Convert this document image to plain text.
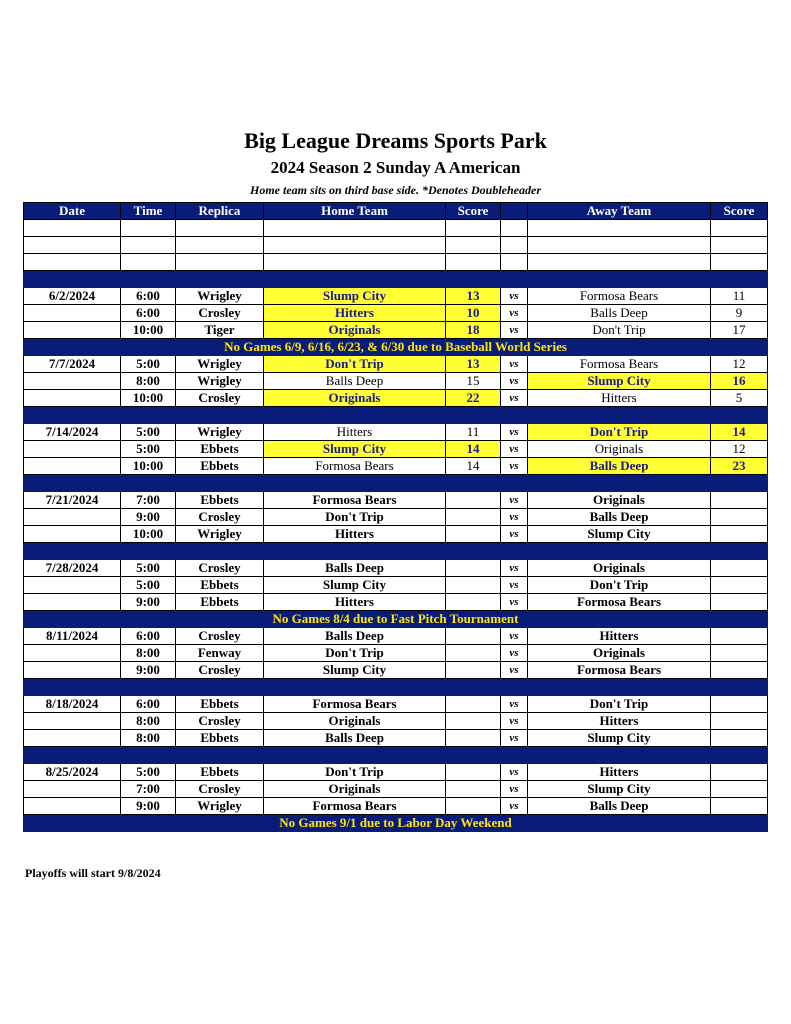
Big League Dreams Sports Park
2024 Season 2 Sunday A American
Home team sits on third base side. *Denotes Doubleheader
Date	Time	Replica	Home Team	Score		Away Team	Score

6/2/2024	6:00	Wrigley	Slump City	13	vs	Formosa Bears	11
	6:00	Crosley	Hitters	10	vs	Balls Deep	9
	10:00	Tiger	Originals	18	vs	Don't Trip	17
No Games 6/9, 6/16, 6/23, & 6/30 due to Baseball World Series							
7/7/2024	5:00	Wrigley	Don't Trip	13	vs	Formosa Bears	12
	8:00	Wrigley	Balls Deep	15	vs	Slump City	16
	10:00	Crosley	Originals	22	vs	Hitters	5

7/14/2024	5:00	Wrigley	Hitters	11	vs	Don't Trip	14
	5:00	Ebbets	Slump City	14	vs	Originals	12
	10:00	Ebbets	Formosa Bears	14	vs	Balls Deep	23

7/21/2024	7:00	Ebbets	Formosa Bears		vs	Originals	
	9:00	Crosley	Don't Trip		vs	Balls Deep	
	10:00	Wrigley	Hitters		vs	Slump City	

7/28/2024	5:00	Crosley	Balls Deep		vs	Originals	
	5:00	Ebbets	Slump City		vs	Don't Trip	
	9:00	Ebbets	Hitters		vs	Formosa Bears	
No Games 8/4 due to Fast Pitch Tournament							
8/11/2024	6:00	Crosley	Balls Deep		vs	Hitters	
	8:00	Fenway	Don't Trip		vs	Originals	
	9:00	Crosley	Slump City		vs	Formosa Bears	

8/18/2024	6:00	Ebbets	Formosa Bears		vs	Don't Trip	
	8:00	Crosley	Originals		vs	Hitters	
	8:00	Ebbets	Balls Deep		vs	Slump City	

8/25/2024	5:00	Ebbets	Don't Trip		vs	Hitters	
	7:00	Crosley	Originals		vs	Slump City	
	9:00	Wrigley	Formosa Bears		vs	Balls Deep	
No Games 9/1 due to Labor Day Weekend							
Playoffs will start 9/8/2024
